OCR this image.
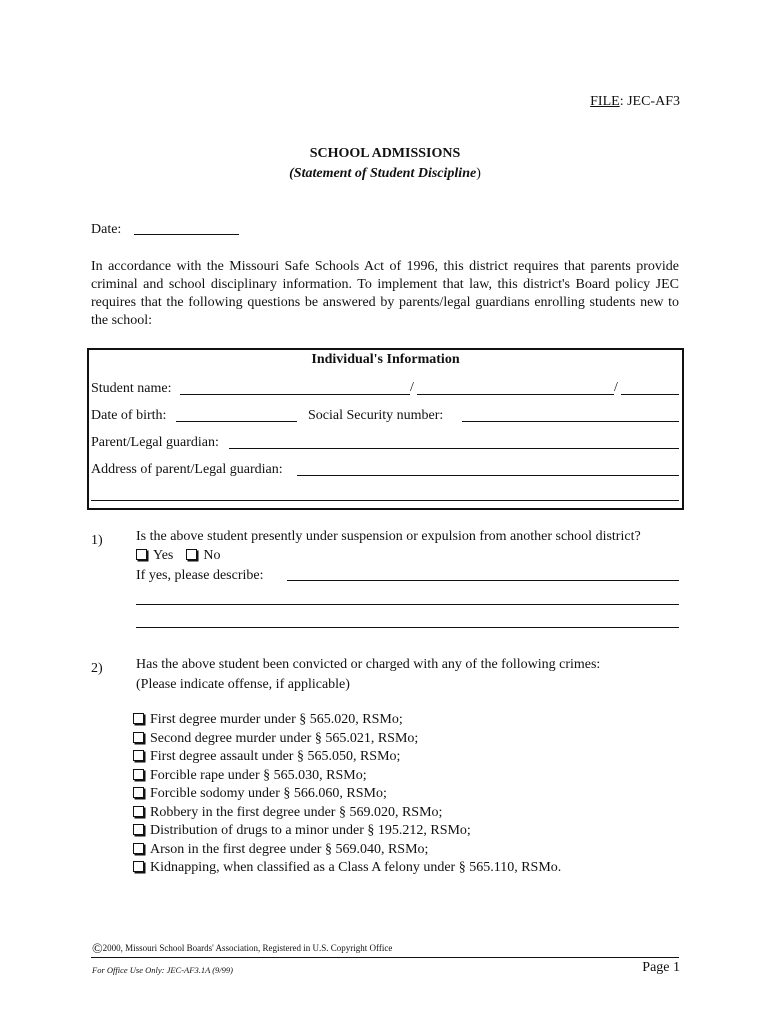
FILE: JEC-AF3
SCHOOL ADMISSIONS
(Statement of Student Discipline)
Date:
In accordance with the Missouri Safe Schools Act of 1996, this district requires that parents provide criminal and school disciplinary information. To implement that law, this district's Board policy JEC requires that the following questions be answered by parents/legal guardians enrolling students new to the school:
Individual's Information
Student name:	/	/
Date of birth:	Social Security number:
Parent/Legal guardian:
Address of parent/Legal guardian:
1) Is the above student presently under suspension or expulsion from another school district?
Yes No
If yes, please describe:
2) Has the above student been convicted or charged with any of the following crimes:
(Please indicate offense, if applicable)
First degree murder under § 565.020, RSMo;
Second degree murder under § 565.021, RSMo;
First degree assault under § 565.050, RSMo;
Forcible rape under § 565.030, RSMo;
Forcible sodomy under § 566.060, RSMo;
Robbery in the first degree under § 569.020, RSMo;
Distribution of drugs to a minor under § 195.212, RSMo;
Arson in the first degree under § 569.040, RSMo;
Kidnapping, when classified as a Class A felony under § 565.110, RSMo.
©2000, Missouri School Boards' Association, Registered in U.S. Copyright Office
For Office Use Only: JEC-AF3.1A (9/99)	Page 1
